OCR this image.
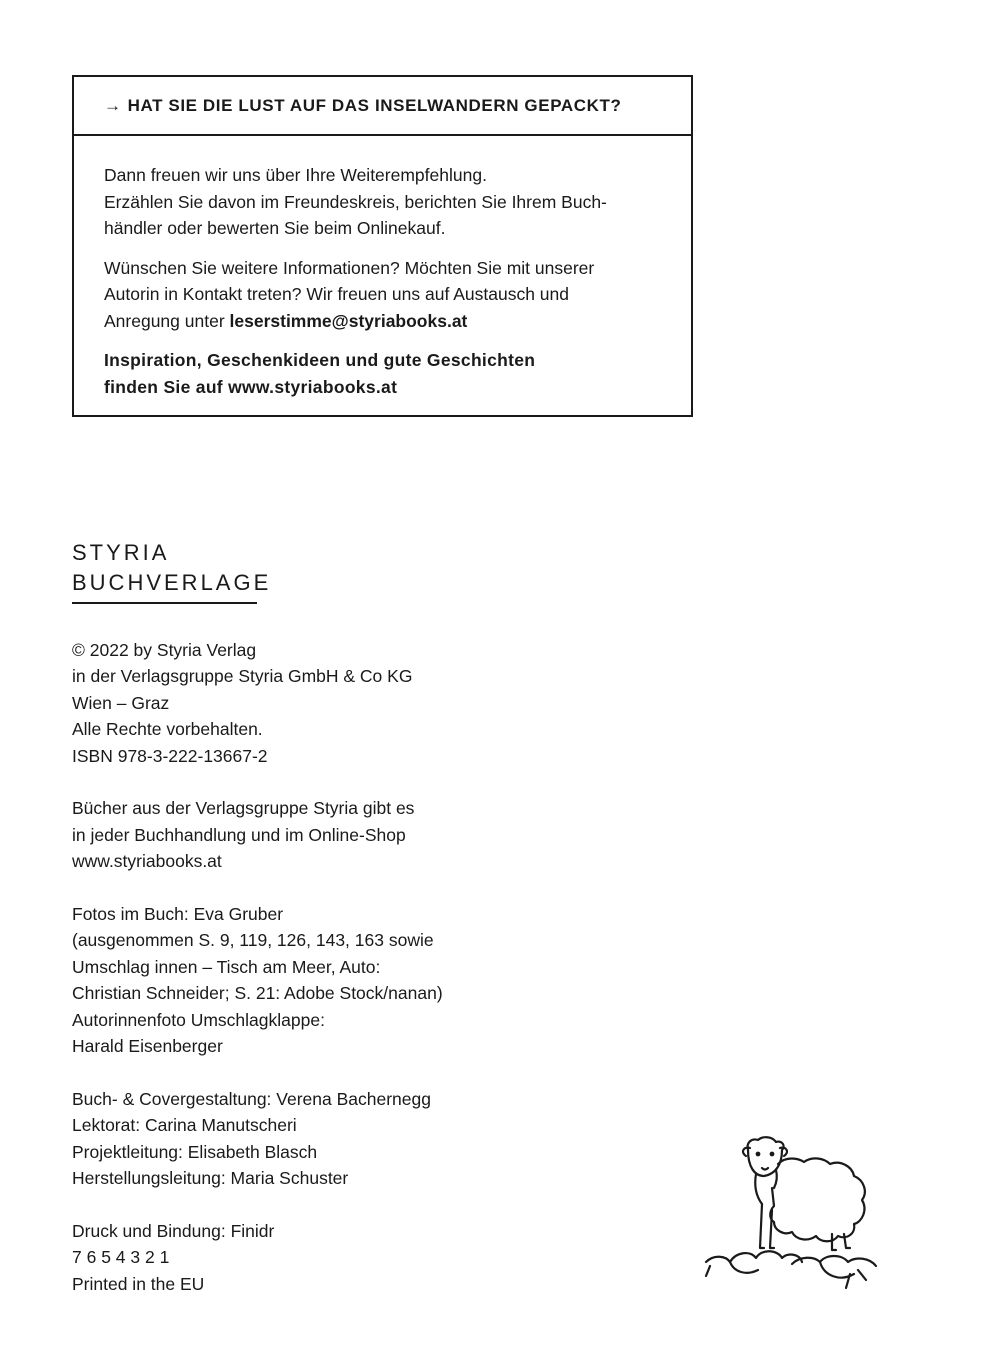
→ HAT SIE DIE LUST AUF DAS INSELWANDERN GEPACKT?

Dann freuen wir uns über Ihre Weiterempfehlung.
Erzählen Sie davon im Freundeskreis, berichten Sie Ihrem Buch-
händler oder bewerten Sie beim Onlinekauf.

Wünschen Sie weitere Informationen? Möchten Sie mit unserer
Autorin in Kontakt treten? Wir freuen uns auf Austausch und
Anregung unter leserstimme@styriabooks.at

Inspiration, Geschenkideen und gute Geschichten
finden Sie auf www.styriabooks.at

STYRIA
BUCHVERLAGE
© 2022 by Styria Verlag
in der Verlagsgruppe Styria GmbH & Co KG
Wien – Graz
Alle Rechte vorbehalten.
ISBN 978-3-222-13667-2
Bücher aus der Verlagsgruppe Styria gibt es
in jeder Buchhandlung und im Online-Shop
www.styriabooks.at
Fotos im Buch: Eva Gruber
(ausgenommen S. 9, 119, 126, 143, 163 sowie
Umschlag innen – Tisch am Meer, Auto:
Christian Schneider; S. 21: Adobe Stock/nanan)
Autorinnenfoto Umschlagklappe:
Harald Eisenberger
Buch- & Covergestaltung: Verena Bachernegg
Lektorat: Carina Manutscheri
Projektleitung: Elisabeth Blasch
Herstellungsleitung: Maria Schuster
Druck und Bindung: Finidr
7 6 5 4 3 2 1
Printed in the EU
